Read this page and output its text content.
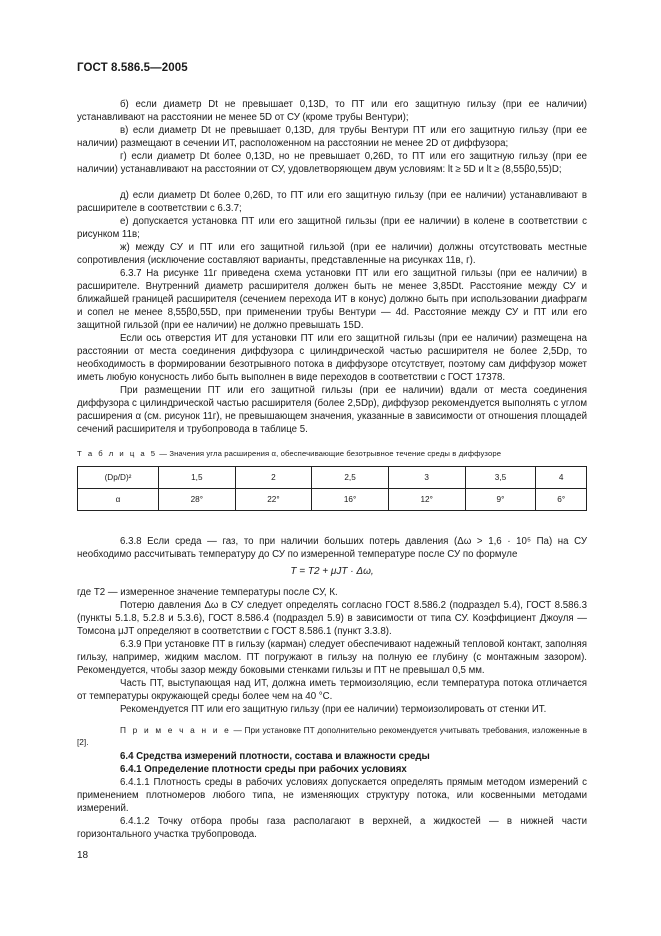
ГОСТ 8.586.5—2005
б) если диаметр Dt не превышает 0,13D, то ПТ или его защитную гильзу (при ее наличии) устанавливают на расстоянии не менее 5D от СУ (кроме трубы Вентури);
в) если диаметр Dt не превышает 0,13D, для трубы Вентури ПТ или его защитную гильзу (при ее наличии) размещают в сечении ИТ, расположенном на расстоянии не менее 2D от диффузора;
г) если диаметр Dt более 0,13D, но не превышает 0,26D, то ПТ или его защитную гильзу (при ее наличии) устанавливают на расстоянии от СУ, удовлетворяющем двум условиям: lt ≥ 5D и lt ≥ (8,55β0,55)D;
д) если диаметр Dt более 0,26D, то ПТ или его защитную гильзу (при ее наличии) устанавливают в расширителе в соответствии с 6.3.7;
е) допускается установка ПТ или его защитной гильзы (при ее наличии) в колене в соответствии с рисунком 11в;
ж) между СУ и ПТ или его защитной гильзой (при ее наличии) должны отсутствовать местные сопротивления (исключение составляют варианты, представленные на рисунках 11в, г).
6.3.7 На рисунке 11г приведена схема установки ПТ или его защитной гильзы (при ее наличии) в расширителе. Внутренний диаметр расширителя должен быть не менее 3,85Dt. Расстояние между СУ и ближайшей границей расширителя (сечением перехода ИТ в конус) должно быть при использовании диафрагм и сопел не менее 8,55β0,55D, при применении трубы Вентури — 4d. Расстояние между СУ и ПТ или его защитной гильзой (при ее наличии) не должно превышать 15D.
Если ось отверстия ИТ для установки ПТ или его защитной гильзы (при ее наличии) размещена на расстоянии от места соединения диффузора с цилиндрической частью расширителя не более 2,5Dp, то необходимость в формировании безотрывного потока в диффузоре отсутствует, поэтому сам диффузор может иметь любую конусность либо быть выполнен в виде переходов в соответствии с ГОСТ 17378.
При размещении ПТ или его защитной гильзы (при ее наличии) вдали от места соединения диффузора с цилиндрической частью расширителя (более 2,5Dp), диффузор рекомендуется выполнять с углом расширения α (см. рисунок 11г), не превышающем значения, указанные в зависимости от отношения площадей сечений расширителя и трубопровода в таблице 5.
Т а б л и ц а 5 — Значения угла расширения α, обеспечивающие безотрывное течение среды в диффузоре
(Dp/D)²	1,5	2	2,5	3	3,5	4
α	28°	22°	16°	12°	9°	6°
6.3.8 Если среда — газ, то при наличии больших потерь давления (Δω > 1,6 · 10⁵ Па) на СУ необходимо рассчитывать температуру до СУ по измеренной температуре после СУ по формуле
T = T2 + μJT · Δω,
где T2 — измеренное значение температуры после СУ, К.
Потерю давления Δω в СУ следует определять согласно ГОСТ 8.586.2 (подраздел 5.4), ГОСТ 8.586.3 (пункты 5.1.8, 5.2.8 и 5.3.6), ГОСТ 8.586.4 (подраздел 5.9) в зависимости от типа СУ. Коэффициент Джоуля —Томсона μJT определяют в соответствии с ГОСТ 8.586.1 (пункт 3.3.8).
6.3.9 При установке ПТ в гильзу (карман) следует обеспечивают надежный тепловой контакт, заполняя гильзу, например, жидким маслом. ПТ погружают в гильзу на полную ее глубину (с монтажным зазором). Рекомендуется, чтобы зазор между боковыми стенками гильзы и ПТ не превышал 0,5 мм.
Часть ПТ, выступающая над ИТ, должна иметь термоизоляцию, если температура потока отличается от температуры окружающей среды более чем на 40 °С.
Рекомендуется ПТ или его защитную гильзу (при ее наличии) термоизолировать от стенки ИТ.
П р и м е ч а н и е — При установке ПТ дополнительно рекомендуется учитывать требования, изложенные в [2].
6.4 Средства измерений плотности, состава и влажности среды
6.4.1 Определение плотности среды при рабочих условиях
6.4.1.1 Плотность среды в рабочих условиях допускается определять прямым методом измерений с применением плотномеров любого типа, не изменяющих структуру потока, или косвенными методами измерений.
6.4.1.2 Точку отбора пробы газа располагают в верхней, а жидкостей — в нижней части горизонтального участка трубопровода.
18
